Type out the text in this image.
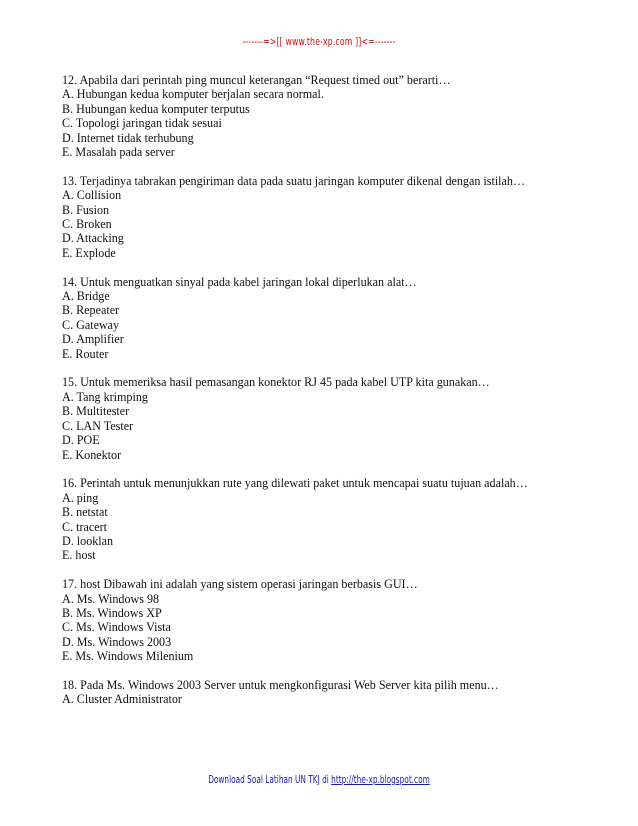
-------=>[[ www.the-xp.com ]]<=-------
12. Apabila dari perintah ping muncul keterangan “Request timed out” berarti…
A. Hubungan kedua komputer berjalan secara normal.
B. Hubungan kedua komputer terputus
C. Topologi jaringan tidak sesuai
D. Internet tidak terhubung
E. Masalah pada server
13. Terjadinya tabrakan pengiriman data pada suatu jaringan komputer dikenal dengan istilah…
A. Collision
B. Fusion
C. Broken
D. Attacking
E. Explode
14. Untuk menguatkan sinyal pada kabel jaringan lokal diperlukan alat…
A. Bridge
B. Repeater
C. Gateway
D. Amplifier
E. Router
15. Untuk memeriksa hasil pemasangan konektor RJ 45 pada kabel UTP kita gunakan…
A. Tang krimping
B. Multitester
C. LAN Tester
D. POE
E. Konektor
16. Perintah untuk menunjukkan rute yang dilewati paket untuk mencapai suatu tujuan adalah…
A. ping
B. netstat
C. tracert
D. looklan
E. host
17. host Dibawah ini adalah yang sistem operasi jaringan berbasis GUI…
A. Ms. Windows 98
B. Ms. Windows XP
C. Ms. Windows Vista
D. Ms. Windows 2003
E. Ms. Windows Milenium
18. Pada Ms. Windows 2003 Server untuk mengkonfigurasi Web Server kita pilih menu…
A. Cluster Administrator
Download Soal Latihan UN TKJ di http://the-xp.blogspot.com
